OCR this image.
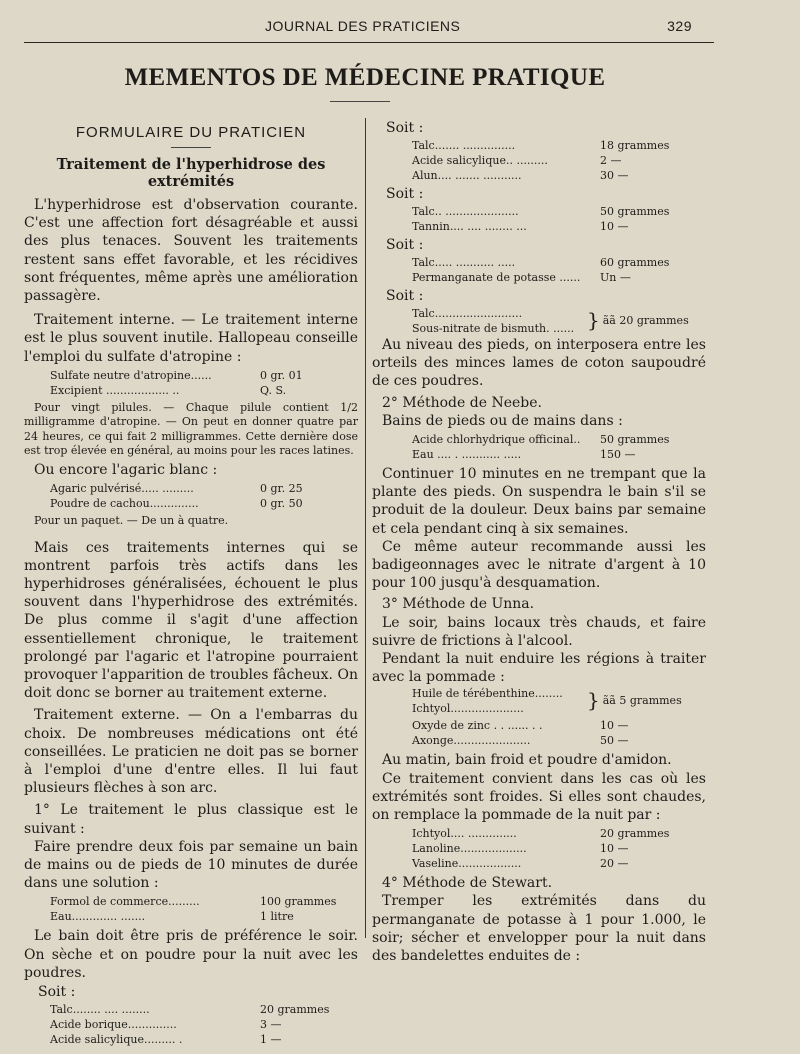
JOURNAL DES PRATICIENS	329
MEMENTOS DE MÉDECINE PRATIQUE
FORMULAIRE DU PRATICIEN
Traitement de l'hyperhidrose des extrémités

L'hyperhidrose est d'observation courante. C'est une affection fort désagréable et aussi des plus tenaces. Souvent les traitements restent sans effet favorable, et les récidives sont fréquentes, même après une amélioration passagère.

Traitement interne. — Le traitement interne est le plus souvent inutile. Hallopeau conseille l'emploi du sulfate d'atropine :

Sulfate neutre d'atropine......	0 gr. 01
Excipient .................. ..	Q. S.

Pour vingt pilules. — Chaque pilule contient 1/2 milligramme d'atropine. — On peut en donner quatre par 24 heures, ce qui fait 2 milligrammes. Cette dernière dose est trop élevée en général, au moins pour les races latines.

Ou encore l'agaric blanc :

Agaric pulvérisé..... .........	0 gr. 25
Poudre de cachou..............	0 gr. 50

Pour un paquet. — De un à quatre.

Mais ces traitements internes qui se montrent parfois très actifs dans les hyperhidroses généralisées, échouent le plus souvent dans l'hyperhidrose des extrémités. De plus comme il s'agit d'une affection essentiellement chronique, le traitement prolongé par l'agaric et l'atropine pourraient provoquer l'apparition de troubles fâcheux. On doit donc se borner au traitement externe.

Traitement externe. — On a l'embarras du choix. De nombreuses médications ont été conseillées. Le praticien ne doit pas se borner à l'emploi d'une d'entre elles. Il lui faut plusieurs flèches à son arc.

1° Le traitement le plus classique est le suivant :

Faire prendre deux fois par semaine un bain de mains ou de pieds de 10 minutes de durée dans une solution :

Formol de commerce.........	100 grammes
Eau............. .......	1 litre

Le bain doit être pris de préférence le soir. On sèche et on poudre pour la nuit avec les poudres.

Soit :
Talc........ .... ........	20 grammes
Acide borique..............	3 —
Acide salicylique......... .	1 —
Soit :
Talc....... ...............	18 grammes
Acide salicylique.. .........	2 —
Alun.... ....... ...........	30 —
Soit :
Talc.. .....................	50 grammes
Tannin.... .... ........ ...	10 —
Soit :
Talc..... ........... .....	60 grammes
Permanganate de potasse ......	Un —
Soit :
Talc.........................
Sous-nitrate de bismuth. ...... } ãã 20 grammes

Au niveau des pieds, on interposera entre les orteils des minces lames de coton saupoudré de ces poudres.

2° Méthode de Neebe.

Bains de pieds ou de mains dans :

Acide chlorhydrique officinal..	50 grammes
Eau .... . ........... .....	150 —

Continuer 10 minutes en ne trempant que la plante des pieds. On suspendra le bain s'il se produit de la douleur. Deux bains par semaine et cela pendant cinq à six semaines.

Ce même auteur recommande aussi les badigeonnages avec le nitrate d'argent à 10 pour 100 jusqu'à desquamation.

3° Méthode de Unna.

Le soir, bains locaux très chauds, et faire suivre de frictions à l'alcool.

Pendant la nuit enduire les régions à traiter avec la pommade :

Huile de térébenthine........
Ichtyol.....................	} ãã 5 grammes
Oxyde de zinc . . ...... . .	10 —
Axonge......................	50 —

Au matin, bain froid et poudre d'amidon.

Ce traitement convient dans les cas où les extrémités sont froides. Si elles sont chaudes, on remplace la pommade de la nuit par :

Ichtyol.... ..............	20 grammes
Lanoline...................	10 —
Vaseline..................	20 —

4° Méthode de Stewart.

Tremper les extrémités dans du permanganate de potasse à 1 pour 1.000, le soir; sécher et envelopper pour la nuit dans des bandelettes enduites de :
